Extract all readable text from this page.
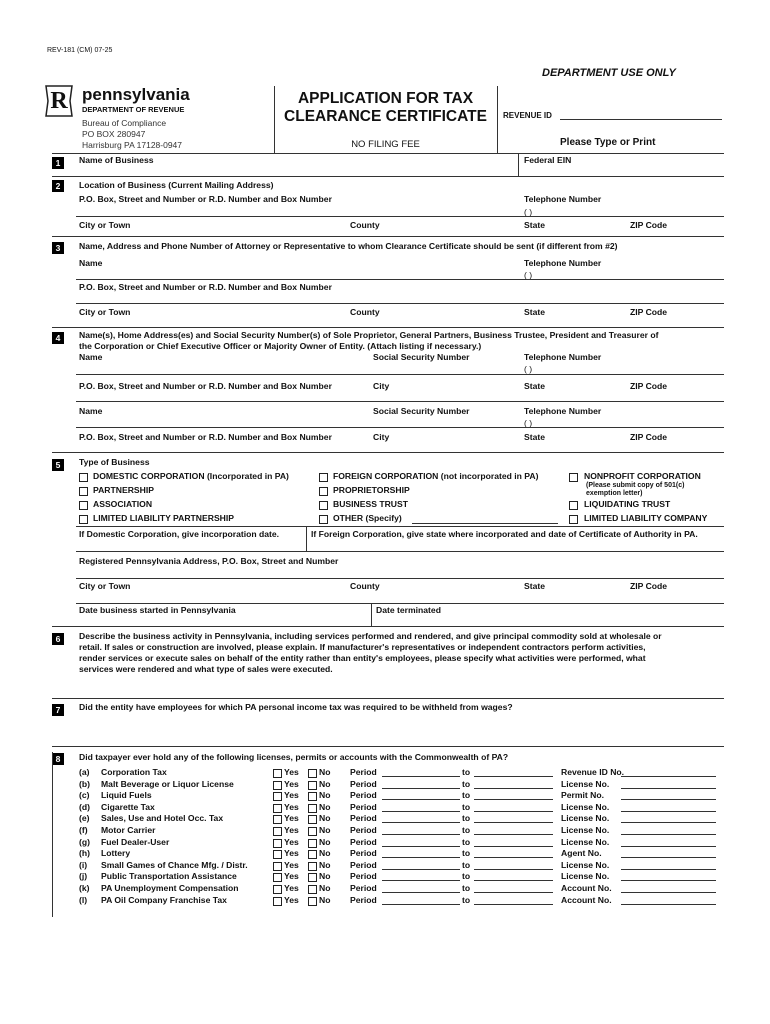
REV-181 (CM) 07-25
DEPARTMENT USE ONLY
R pennsylvania
DEPARTMENT OF REVENUE
Bureau of Compliance
PO BOX 280947
Harrisburg PA 17128-0947
APPLICATION FOR TAX
CLEARANCE CERTIFICATE
NO FILING FEE
REVENUE ID
Please Type or Print
1	Name of Business	Federal EIN
2	Location of Business (Current Mailing Address)
P.O. Box, Street and Number or R.D. Number and Box Number	Telephone Number
( )
City or Town	County	State	ZIP Code
3	Name, Address and Phone Number of Attorney or Representative to whom Clearance Certificate should be sent (if different from #2)
Name	Telephone Number
( )
P.O. Box, Street and Number or R.D. Number and Box Number
City or Town	County	State	ZIP Code
4	Name(s), Home Address(es) and Social Security Number(s) of Sole Proprietor, General Partners, Business Trustee, President and Treasurer of
the Corporation or Chief Executive Officer or Majority Owner of Entity. (Attach listing if necessary.)
Name	Social Security Number	Telephone Number
( )
P.O. Box, Street and Number or R.D. Number and Box Number	City	State	ZIP Code
Name	Social Security Number	Telephone Number
( )
P.O. Box, Street and Number or R.D. Number and Box Number	City	State	ZIP Code
5	Type of Business
DOMESTIC CORPORATION (Incorporated in PA)
PARTNERSHIP
ASSOCIATION
LIMITED LIABILITY PARTNERSHIP
FOREIGN CORPORATION (not incorporated in PA)
PROPRIETORSHIP
BUSINESS TRUST
OTHER (Specify)
NONPROFIT CORPORATION
(Please submit copy of 501(c)
exemption letter)
LIQUIDATING TRUST
LIMITED LIABILITY COMPANY
If Domestic Corporation, give incorporation date.	If Foreign Corporation, give state where incorporated and date of Certificate of Authority in PA.
Registered Pennsylvania Address, P.O. Box, Street and Number
City or Town	County	State	ZIP Code
Date business started in Pennsylvania	Date terminated
6	Describe the business activity in Pennsylvania, including services performed and rendered, and give principal commodity sold at wholesale or
retail. If sales or construction are involved, please explain. If manufacturer's representatives or independent contractors perform activities,
render services or execute sales on behalf of the entity rather than entity's employees, please specify what activities were performed, what
services were rendered and what type of sales were executed.
7	Did the entity have employees for which PA personal income tax was required to be withheld from wages?
8	Did taxpayer ever hold any of the following licenses, permits or accounts with the Commonwealth of PA?
(a) Corporation Tax	Yes No Period	to	Revenue ID No.
(b) Malt Beverage or Liquor License	Yes No Period	to	License No.
(c) Liquid Fuels	Yes No Period	to	Permit No.
(d) Cigarette Tax	Yes No Period	to	License No.
(e) Sales, Use and Hotel Occ. Tax	Yes No Period	to	License No.
(f) Motor Carrier	Yes No Period	to	License No.
(g) Fuel Dealer-User	Yes No Period	to	License No.
(h) Lottery	Yes No Period	to	Agent No.
(i) Small Games of Chance Mfg. / Distr.	Yes No Period	to	License No.
(j) Public Transportation Assistance	Yes No Period	to	License No.
(k) PA Unemployment Compensation	Yes No Period	to	Account No.
(l) PA Oil Company Franchise Tax	Yes No Period	to	Account No.
